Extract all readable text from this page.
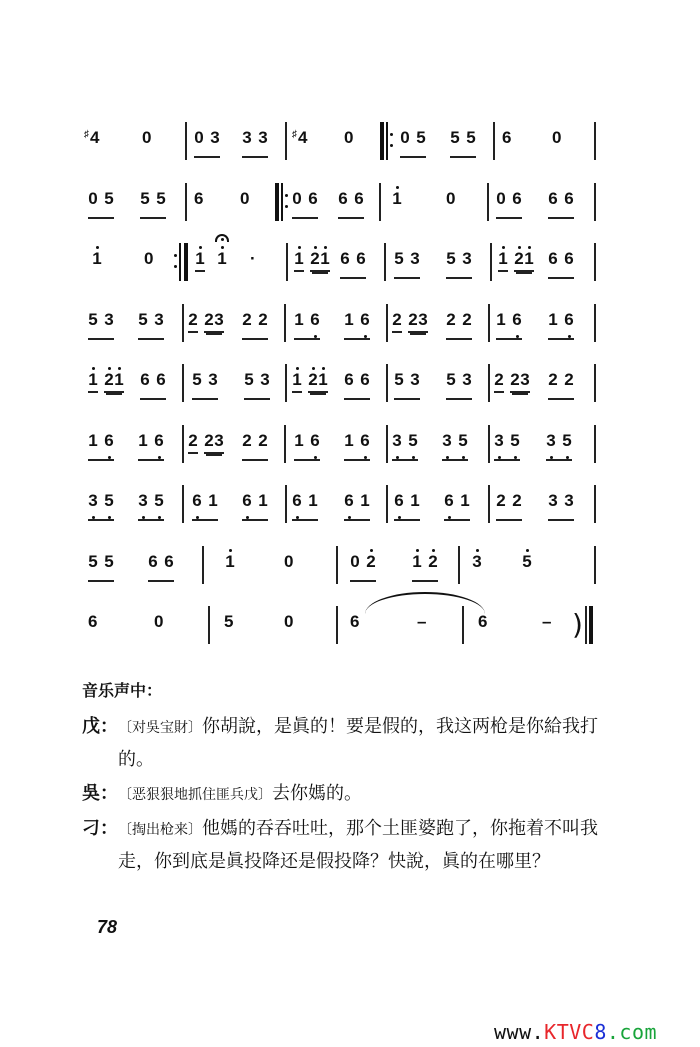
♯4	0	0 3 3 3 ♯4 0	0 5 5 5 6 0
0 5 5 5 6 0	0 6 6 6 1	0 0 6 6 6
1 0 1 1 · 1 21 6 6 5 3 5 3 1 21 6 6
5 3 5 3 2 23 2 2 1 6 1 6 2 23 2 2 1 6 1 6
1 21 6 6 5 3 5 3 1 21 6 6 5 3 5 3 2 23 2 2
1 6 1 6 2 23 2 2 1 6 1 6 3 5 3 5 3 5 3 5
3 5 3 5 6 1 6 1 6 1 6 1 6 1 6 1 2 2 3 3
5 5 6 6	1	0	0 2 1 2 3 5
6	0	5	0	6	–	6	– )
音乐声中：
戊： 〔对吳宝財〕你胡說，是眞的！要是假的，我这两枪是你給我打的。
吳： 〔恶狠狠地抓住匪兵戊〕去你媽的。
刁： 〔掏出枪来〕他媽的吞吞吐吐，那个土匪婆跑了，你拖着不叫我走，你到底是眞投降还是假投降？快說，眞的在哪里？
78
www.KTVC8.com
